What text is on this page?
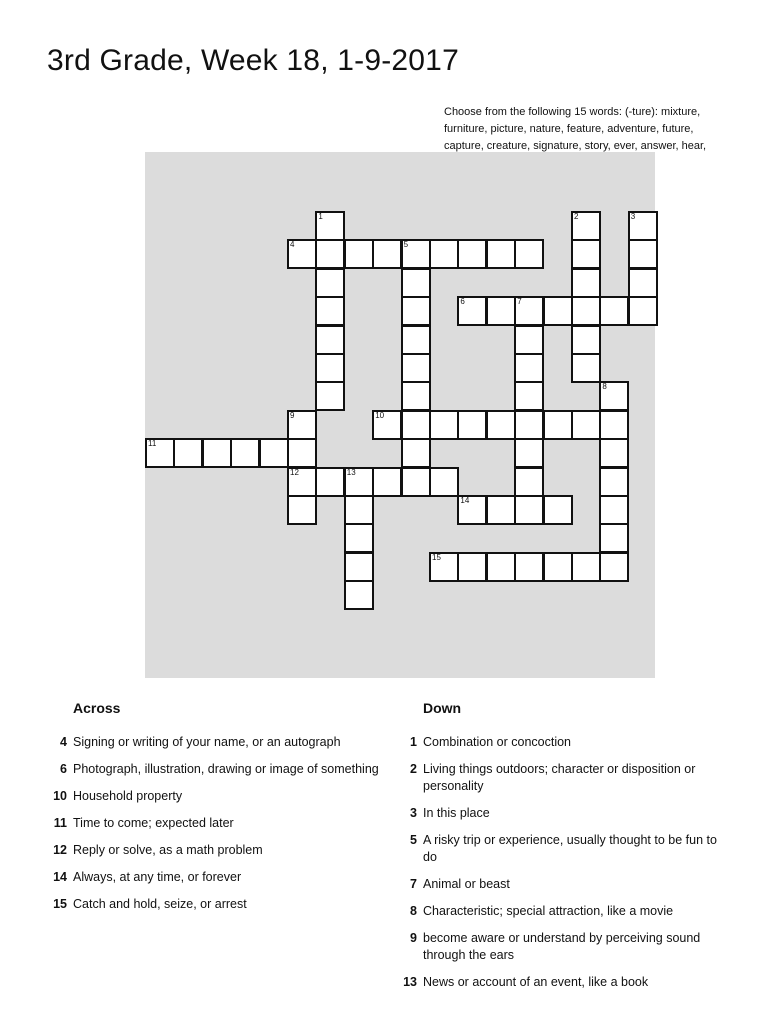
3rd Grade, Week 18, 1-9-2017
Choose from the following 15 words: (-ture): mixture, furniture, picture, nature, feature, adventure, future, capture, creature, signature, story, ever, answer, hear,
1	2	3
4	5
6	7
8
9
12
10
11
13
14
15
Across
4 Signing or writing of your name, or an autograph
6 Photograph, illustration, drawing or image of something
10 Household property
11 Time to come; expected later
12 Reply or solve, as a math problem
14 Always, at any time, or forever
15 Catch and hold, seize, or arrest
Down
1 Combination or concoction
2 Living things outdoors; character or disposition or personality
3 In this place
5 A risky trip or experience, usually thought to be fun to do
7 Animal or beast
8 Characteristic; special attraction, like a movie
9 become aware or understand by perceiving sound through the ears
13 News or account of an event, like a book
